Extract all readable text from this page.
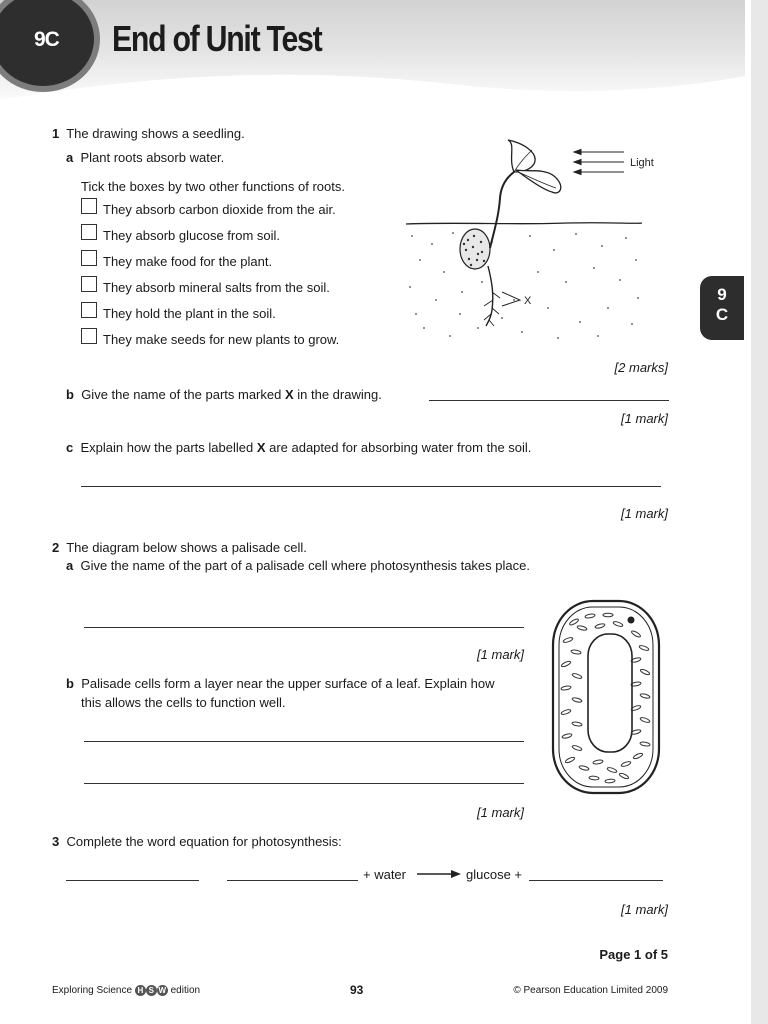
9C End of Unit Test
9
C
1 The drawing shows a seedling.
a Plant roots absorb water.
Tick the boxes by two other functions of roots.
They absorb carbon dioxide from the air.
They absorb glucose from soil.
They make food for the plant.
They absorb mineral salts from the soil.
They hold the plant in the soil.
They make seeds for new plants to grow.
X
Light
[2 marks]
b Give the name of the parts marked X in the drawing.
[1 mark]
c Explain how the parts labelled X are adapted for absorbing water from the soil.
[1 mark]
2 The diagram below shows a palisade cell.
a Give the name of the part of a palisade cell where photosynthesis takes place.
[1 mark]
b Palisade cells form a layer near the upper surface of a leaf. Explain how
this allows the cells to function well.
[1 mark]
3 Complete the word equation for photosynthesis:
+ water	glucose +
[1 mark]
Page 1 of 5
Exploring Science H S W edition	93	© Pearson Education Limited 2009
